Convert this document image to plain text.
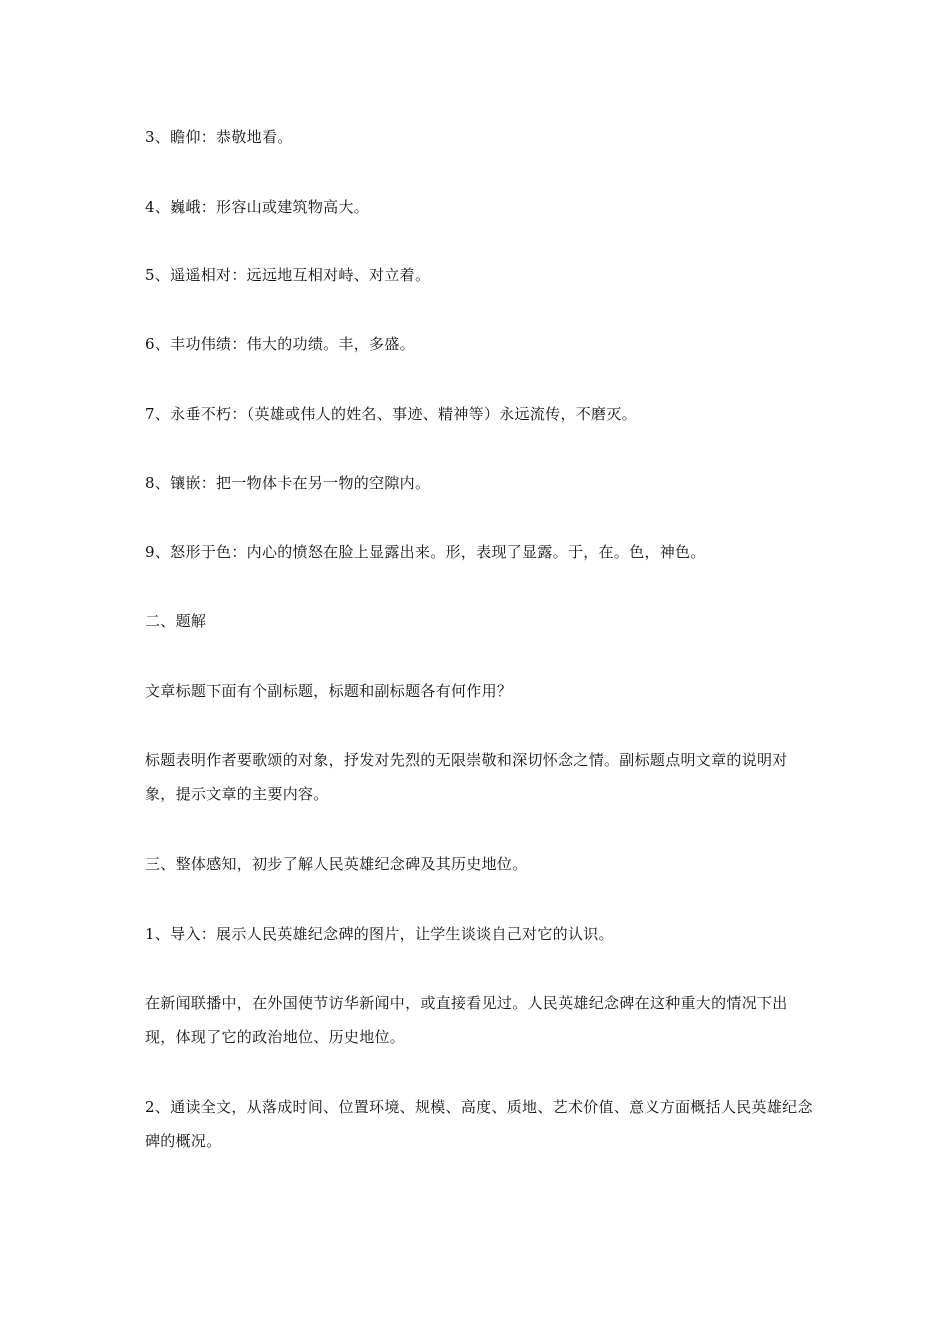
3、瞻仰：恭敬地看。

4、巍峨：形容山或建筑物高大。

5、遥遥相对：远远地互相对峙、对立着。

6、丰功伟绩：伟大的功绩。丰，多盛。

7、永垂不朽：（英雄或伟人的姓名、事迹、精神等）永远流传，不磨灭。

8、镶嵌：把一物体卡在另一物的空隙内。

9、怒形于色：内心的愤怒在脸上显露出来。形，表现了显露。于，在。色，神色。

二、题解

文章标题下面有个副标题，标题和副标题各有何作用？

标题表明作者要歌颂的对象，抒发对先烈的无限崇敬和深切怀念之情。副标题点明文章的说明对象，提示文章的主要内容。

三、整体感知，初步了解人民英雄纪念碑及其历史地位。

1、导入：展示人民英雄纪念碑的图片，让学生谈谈自己对它的认识。

在新闻联播中，在外国使节访华新闻中，或直接看见过。人民英雄纪念碑在这种重大的情况下出现，体现了它的政治地位、历史地位。

2、通读全文，从落成时间、位置环境、规模、高度、质地、艺术价值、意义方面概括人民英雄纪念碑的概况。
